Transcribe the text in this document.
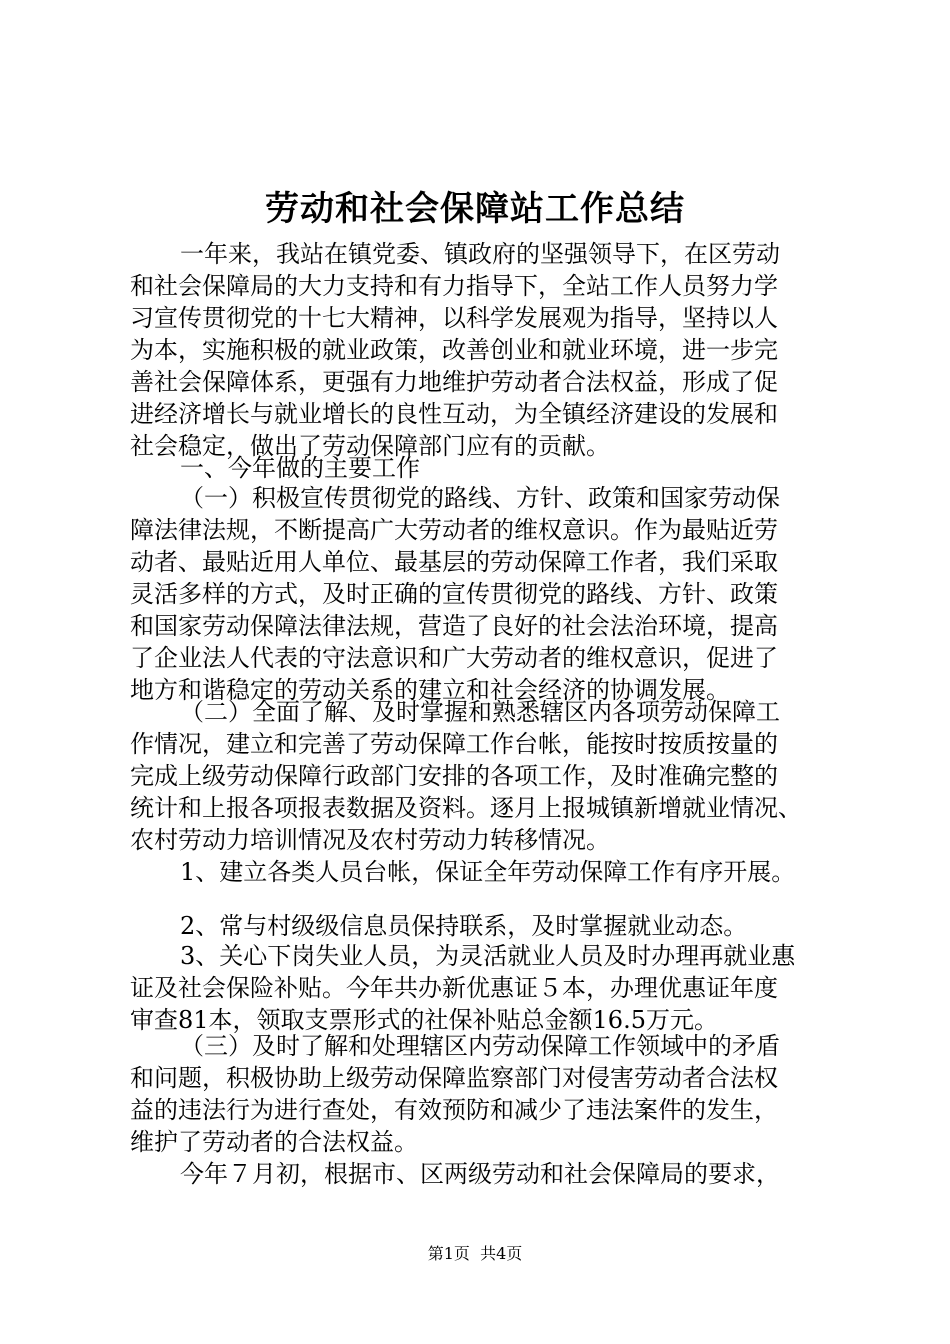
劳动和社会保障站工作总结
一年来，我站在镇党委、镇政府的坚强领导下，在区劳动
和社会保障局的大力支持和有力指导下，全站工作人员努力学
习宣传贯彻党的十七大精神，以科学发展观为指导，坚持以人
为本，实施积极的就业政策，改善创业和就业环境，进一步完
善社会保障体系，更强有力地维护劳动者合法权益，形成了促
进经济增长与就业增长的良性互动，为全镇经济建设的发展和
社会稳定，做出了劳动保障部门应有的贡献。
一、今年做的主要工作
（一）积极宣传贯彻党的路线、方针、政策和国家劳动保
障法律法规，不断提高广大劳动者的维权意识。作为最贴近劳
动者、最贴近用人单位、最基层的劳动保障工作者，我们采取
灵活多样的方式，及时正确的宣传贯彻党的路线、方针、政策
和国家劳动保障法律法规，营造了良好的社会法治环境，提高
了企业法人代表的守法意识和广大劳动者的维权意识，促进了
地方和谐稳定的劳动关系的建立和社会经济的协调发展。
（二）全面了解、及时掌握和熟悉辖区内各项劳动保障工
作情况，建立和完善了劳动保障工作台帐，能按时按质按量的
完成上级劳动保障行政部门安排的各项工作，及时准确完整的
统计和上报各项报表数据及资料。逐月上报城镇新增就业情况、
农村劳动力培训情况及农村劳动力转移情况。
1、建立各类人员台帐，保证全年劳动保障工作有序开展。
2、常与村级级信息员保持联系，及时掌握就业动态。
3、关心下岗失业人员，为灵活就业人员及时办理再就业惠
证及社会保险补贴。今年共办新优惠证５本，办理优惠证年度
审查81本，领取支票形式的社保补贴总金额16.5万元。
（三）及时了解和处理辖区内劳动保障工作领域中的矛盾
和问题，积极协助上级劳动保障监察部门对侵害劳动者合法权
益的违法行为进行查处，有效预防和减少了违法案件的发生，
维护了劳动者的合法权益。
今年７月初，根据市、区两级劳动和社会保障局的要求，
第1页  共4页
